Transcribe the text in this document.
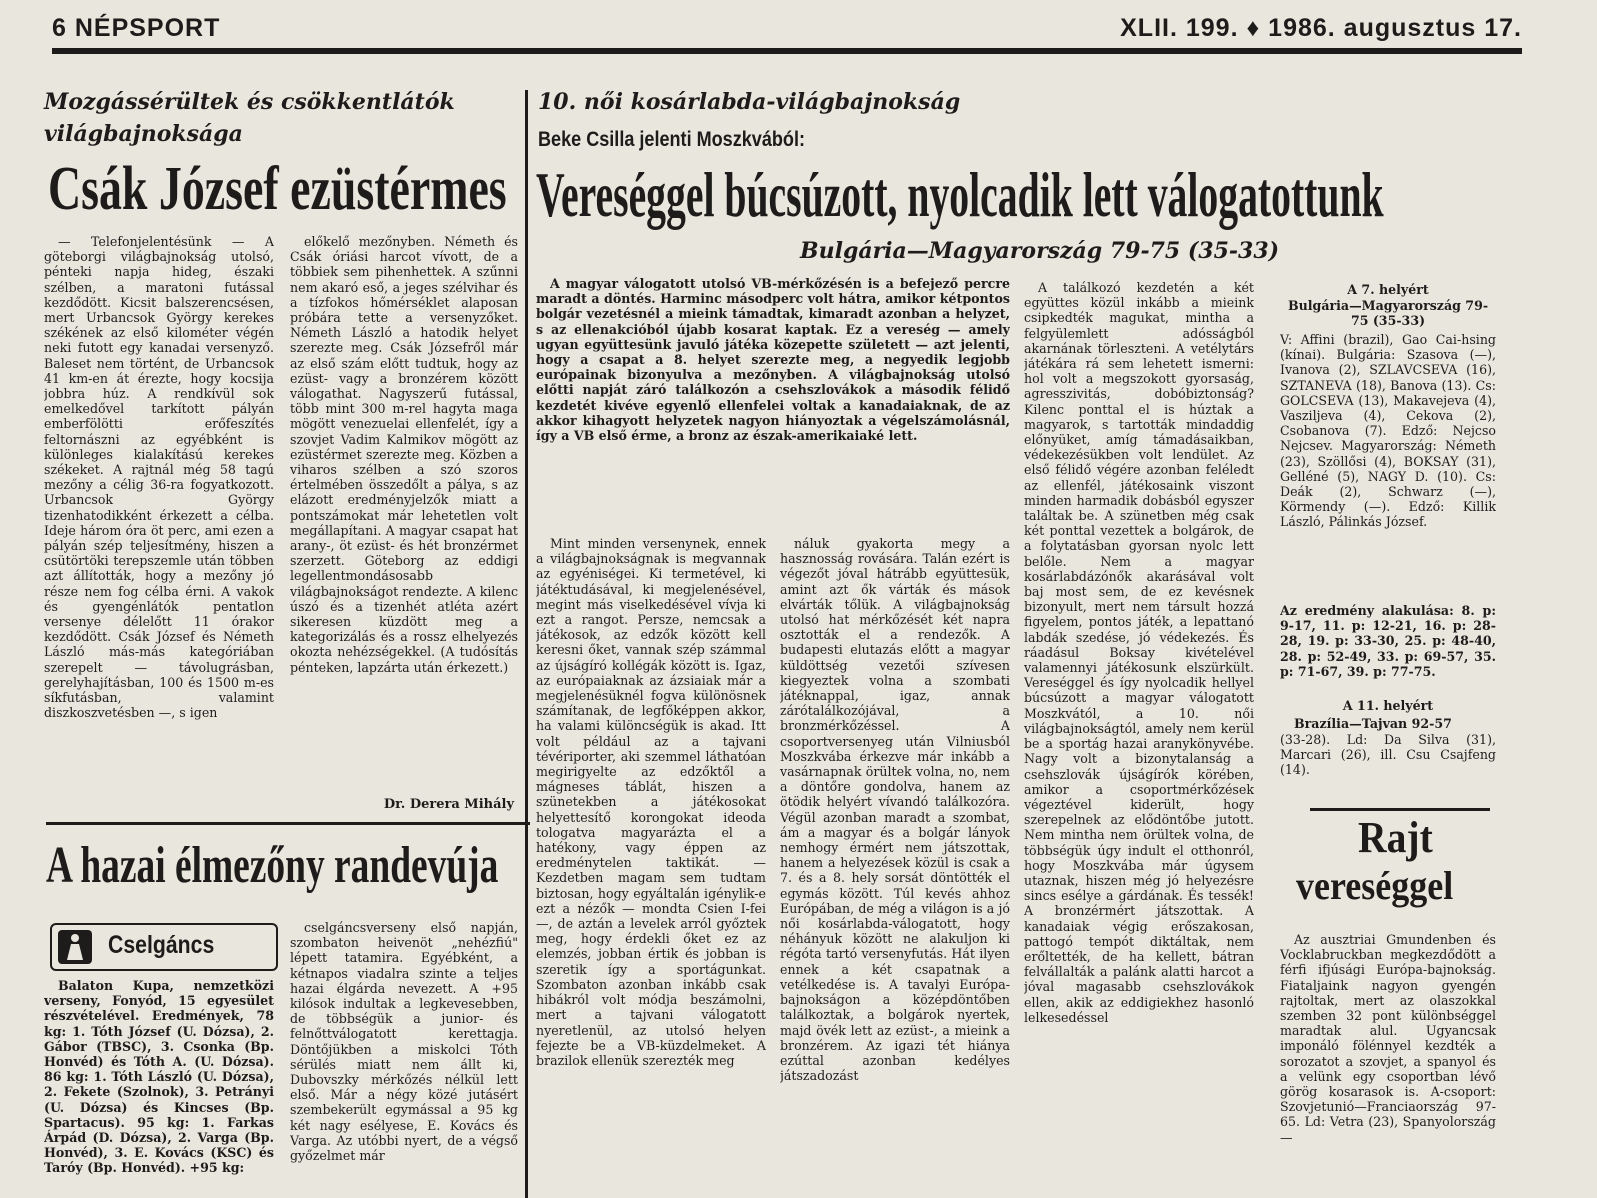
6 NÉPSPORT	XLII. 199. ♦ 1986. augusztus 17.
Mozgássérültek és csökkentlátók világbajnoksága
Csák József ezüstérmes

— Telefonjelentésünk — A göteborgi világbajnokság utolsó, pénteki napja hideg, északi szélben, a maratoni futással kezdődött. Kicsit balszerencsésen, mert Urbancsok György kerekes székének az első kilométer végén neki futott egy kanadai versenyző. Baleset nem történt, de Urbancsok 41 km-en át érezte, hogy kocsija jobbra húz. A rendkívül sok emelkedővel tarkított pályán emberfölötti erőfeszítés feltornászni az egyébként is különleges kialakítású kerekes székeket. A rajtnál még 58 tagú mezőny a célig 36-ra fogyatkozott. Urbancsok György tizenhatodikként érkezett a célba. Ideje három óra öt perc, ami ezen a pályán szép teljesítmény, hiszen a csütörtöki terepszemle után többen azt állították, hogy a mezőny jó része nem fog célba érni. A vakok és gyengénlátók pentatlon versenye délelőtt 11 órakor kezdődött. Csák József és Németh László más-más kategóriában szerepelt — távolugrásban, gerelyhajításban, 100 és 1500 m-es síkfutásban, valamint diszkoszvetésben —, s igen

előkelő mezőnyben. Németh és Csák óriási harcot vívott, de a többiek sem pihenhettek. A szűnni nem akaró eső, a jeges szélvihar és a tízfokos hőmérséklet alaposan próbára tette a versenyzőket. Németh László a hatodik helyet szerezte meg. Csák Józsefről már az első szám előtt tudtuk, hogy az ezüst- vagy a bronzérem között válogathat. Nagyszerű futással, több mint 300 m-rel hagyta maga mögött venezuelai ellenfelét, így a szovjet Vadim Kalmikov mögött az ezüstérmet szerezte meg. Közben a viharos szélben a szó szoros értelmében összedőlt a pálya, s az elázott eredményjelzők miatt a pontszámokat már lehetetlen volt megállapítani. A magyar csapat hat arany-, öt ezüst- és hét bronzérmet szerzett. Göteborg az eddigi legellentmondásosabb világbajnokságot rendezte. A kilenc úszó és a tizenhét atléta azért sikeresen küzdött meg a kategorizálás és a rossz elhelyezés okozta nehézségekkel. (A tudósítás pénteken, lapzárta után érkezett.)

Dr. Derera Mihály
A hazai élmezőny randevúja
Cselgáncs

Balaton Kupa, nemzetközi verseny, Fonyód, 15 egyesület részvételével. Eredmények, 78 kg: 1. Tóth József (U. Dózsa), 2. Gábor (TBSC), 3. Csonka (Bp. Honvéd) és Tóth A. (U. Dózsa). 86 kg: 1. Tóth László (U. Dózsa), 2. Fekete (Szolnok), 3. Petrányi (U. Dózsa) és Kincses (Bp. Spartacus). 95 kg: 1. Farkas Árpád (D. Dózsa), 2. Varga (Bp. Honvéd), 3. E. Kovács (KSC) és Taróy (Bp. Honvéd). +95 kg:

cselgáncsverseny első napján, szombaton heivenöt „nehézfiú" lépett tatamira. Egyébként, a kétnapos viadalra szinte a teljes hazai élgárda nevezett. A +95 kilósok indultak a legkevesebben, de többségük a junior- és felnőttválogatott kerettagja. Döntőjükben a miskolci Tóth sérülés miatt nem állt ki, Dubovszky mérkőzés nélkül lett első. Már a négy közé jutásért szembekerült egymással a 95 kg két nagy esélyese, E. Kovács és Varga. Az utóbbi nyert, de a végső győzelmet már

10. női kosárlabda-világbajnokság
Beke Csilla jelenti Moszkvából:
Vereséggel búcsúzott, nyolcadik lett válogatottunk
Bulgária—Magyarország 79-75 (35-33)

A magyar válogatott utolsó VB-mérkőzésén is a befejező percre maradt a döntés. Harminc másodperc volt hátra, amikor kétpontos bolgár vezetésnél a mieink támadtak, kimaradt azonban a helyzet, s az ellenakcióból újabb kosarat kaptak. Ez a vereség — amely ugyan együttesünk javuló játéka közepette született — azt jelenti, hogy a csapat a 8. helyet szerezte meg, a negyedik legjobb európainak bizonyulva a mezőnyben. A világbajnokság utolsó előtti napját záró találkozón a csehszlovákok a második félidő kezdetét kivéve egyenlő ellenfelei voltak a kanadaiaknak, de az akkor kihagyott helyzetek nagyon hiányoztak a végelszámolásnál, így a VB első érme, a bronz az észak-amerikaiaké lett.

Mint minden versenynek, ennek a világbajnokságnak is megvannak az egyéniségei. Ki termetével, ki játéktudásával, ki megjelenésével, megint más viselkedésével vívja ki ezt a rangot. Persze, nemcsak a játékosok, az edzők között kell keresni őket, vannak szép számmal az újságíró kollégák között is. Igaz, az európaiaknak az ázsiaiak már a megjelenésüknél fogva különösnek számítanak, de legfőképpen akkor, ha valami különcségük is akad. Itt volt például az a tajvani tévériporter, aki szemmel láthatóan megirigyelte az edzőktől a mágneses táblát, hiszen a szünetekben a játékosokat helyettesítő korongokat ideoda tologatva magyarázta el a hatékony, vagy éppen az eredménytelen taktikát. — Kezdetben magam sem tudtam biztosan, hogy egyáltalán igénylik-e ezt a nézők — mondta Csien I-fei —, de aztán a levelek arról győztek meg, hogy érdekli őket ez az elemzés, jobban értik és jobban is szeretik így a sportágunkat. Szombaton azonban inkább csak hibákról volt módja beszámolni, mert a tajvani válogatott nyeretlenül, az utolsó helyen fejezte be a VB-küzdelmeket. A brazilok ellenük szerezték meg

náluk gyakorta megy a hasznosság rovására. Talán ezért is végezőt jóval hátrább együttesük, amint azt ők várták és mások elvárták tőlük. A világbajnokság utolsó hat mérkőzését két napra osztották el a rendezők. A budapesti elutazás előtt a magyar küldöttség vezetői szívesen kiegyeztek volna a szombati játéknappal, igaz, annak zárótalálkozójával, a bronzmérkőzéssel. A csoportversenyeg után Vilniusból Moszkvába érkezve már inkább a vasárnapnak örültek volna, no, nem a döntőre gondolva, hanem az ötödik helyért vívandó találkozóra. Végül azonban maradt a szombat, ám a magyar és a bolgár lányok nemhogy érmért nem játszottak, hanem a helyezések közül is csak a 7. és a 8. hely sorsát döntötték el egymás között. Túl kevés ahhoz Európában, de még a világon is a jó női kosárlabda-válogatott, hogy néhányuk között ne alakuljon ki régóta tartó versenyfutás. Hát ilyen ennek a két csapatnak a vetélkedése is. A tavalyi Európa-bajnokságon a középdöntőben találkoztak, a bolgárok nyertek, majd övék lett az ezüst-, a mieink a bronzérem. Az igazi tét hiánya ezúttal azonban kedélyes játszadozást

A találkozó kezdetén a két együttes közül inkább a mieink csipkedték magukat, mintha a felgyülemlett adósságból akarnának törleszteni. A vetélytárs játékára rá sem lehetett ismerni: hol volt a megszokott gyorsaság, agresszivitás, dobóbiztonság? Kilenc ponttal el is húztak a magyarok, s tartották mindaddig előnyüket, amíg támadásaikban, védekezésükben volt lendület. Az első félidő végére azonban feléledt az ellenfél, játékosaink viszont minden harmadik dobásból egyszer találtak be. A szünetben még csak két ponttal vezettek a bolgárok, de a folytatásban gyorsan nyolc lett belőle. Nem a magyar kosárlabdázónők akarásával volt baj most sem, de ez kevésnek bizonyult, mert nem társult hozzá figyelem, pontos játék, a lepattanó labdák szedése, jó védekezés. És ráadásul Boksay kivételével valamennyi játékosunk elszürkült. Vereséggel és így nyolcadik hellyel búcsúzott a magyar válogatott Moszkvától, a 10. női világbajnokságtól, amely nem kerül be a sportág hazai aranykönyvébe. Nagy volt a bizonytalanság a csehszlovák újságírók körében, amikor a csoportmérkőzések végeztével kiderült, hogy szerepelnek az elődöntőbe jutott. Nem mintha nem örültek volna, de többségük úgy indult el otthonról, hogy Moszkvába már úgysem utaznak, hiszen még jó helyezésre sincs esélye a gárdának. És tessék! A bronzérmért játszottak. A kanadaiak végig erőszakosan, pattogó tempót diktáltak, nem erőltették, de ha kellett, bátran felvállalták a palánk alatti harcot a jóval magasabb csehszlovákok ellen, akik az eddigiekhez hasonló lelkesedéssel

A 7. helyért
Bulgária—Magyarország 79-75 (35-33)

V: Affini (brazil), Gao Cai-hsing (kínai). Bulgária: Szasova (—), Ivanova (2), SZLAVCSEVA (16), SZTANEVA (18), Banova (13). Cs: GOLCSEVA (13), Makavejeva (4), Vasziljeva (4), Cekova (2), Csobanova (7). Edző: Nejcso Nejcsev. Magyarország: Németh (23), Szöllősi (4), BOKSAY (31), Gelléné (5), NAGY D. (10). Cs: Deák (2), Schwarz (—), Körmendy (—). Edző: Killik László, Pálinkás József.

Az eredmény alakulása: 8. p: 9-17, 11. p: 12-21, 16. p: 28-28, 19. p: 33-30, 25. p: 48-40, 28. p: 52-49, 33. p: 69-57, 35. p: 71-67, 39. p: 77-75.

A 11. helyért
Brazília—Tajvan 92-57

(33-28). Ld: Da Silva (31), Marcari (26), ill. Csu Csajfeng (14).

Rajt
vereséggel

Az ausztriai Gmundenben és Vocklabruckban megkezdődött a férfi ifjúsági Európa-bajnokság. Fiataljaink nagyon gyengén rajtoltak, mert az olaszokkal szemben 32 pont különbséggel maradtak alul. Ugyancsak imponáló fölénnyel kezdték a sorozatot a szovjet, a spanyol és a velünk egy csoportban lévő görög kosarasok is. A-csoport: Szovjetunió—Franciaország 97-65. Ld: Vetra (23), Spanyolország—
